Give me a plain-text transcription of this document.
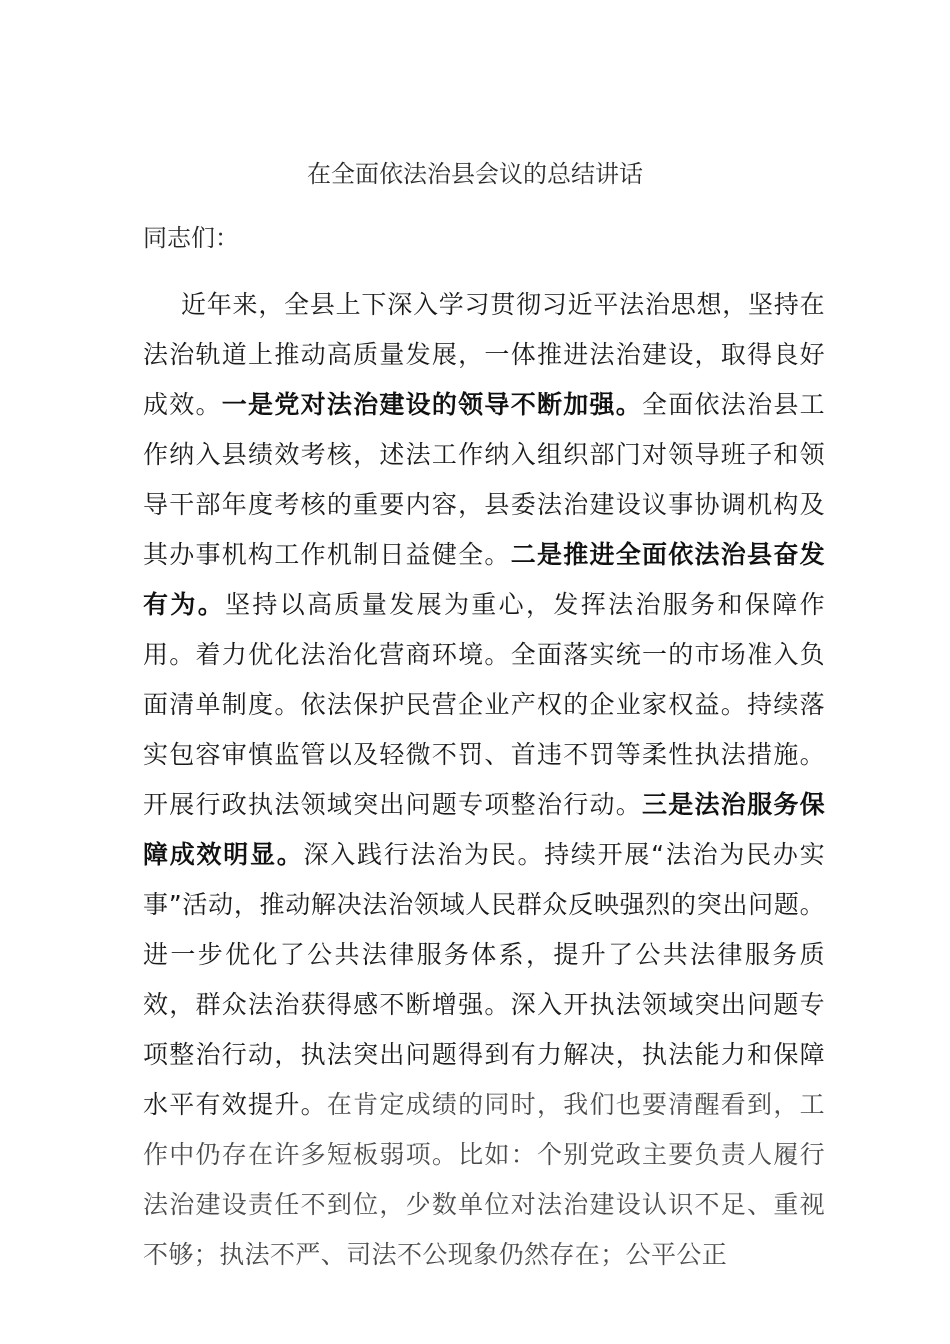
在全面依法治县会议的总结讲话
同志们：

近年来，全县上下深入学习贯彻习近平法治思想，坚持在法治轨道上推动高质量发展，一体推进法治建设，取得良好成效。一是党对法治建设的领导不断加强。全面依法治县工作纳入县绩效考核，述法工作纳入组织部门对领导班子和领导干部年度考核的重要内容，县委法治建设议事协调机构及其办事机构工作机制日益健全。二是推进全面依法治县奋发有为。坚持以高质量发展为重心，发挥法治服务和保障作用。着力优化法治化营商环境。全面落实统一的市场准入负面清单制度。依法保护民营企业产权的企业家权益。持续落实包容审慎监管以及轻微不罚、首违不罚等柔性执法措施。开展行政执法领域突出问题专项整治行动。三是法治服务保障成效明显。深入践行法治为民。持续开展“法治为民办实事”活动，推动解决法治领域人民群众反映强烈的突出问题。进一步优化了公共法律服务体系，提升了公共法律服务质效，群众法治获得感不断增强。深入开执法领域突出问题专项整治行动，执法突出问题得到有力解决，执法能力和保障水平有效提升。在肯定成绩的同时，我们也要清醒看到，工作中仍存在许多短板弱项。比如：个别党政主要负责人履行法治建设责任不到位，少数单位对法治建设认识不足、重视不够；执法不严、司法不公现象仍然存在；公平公正
